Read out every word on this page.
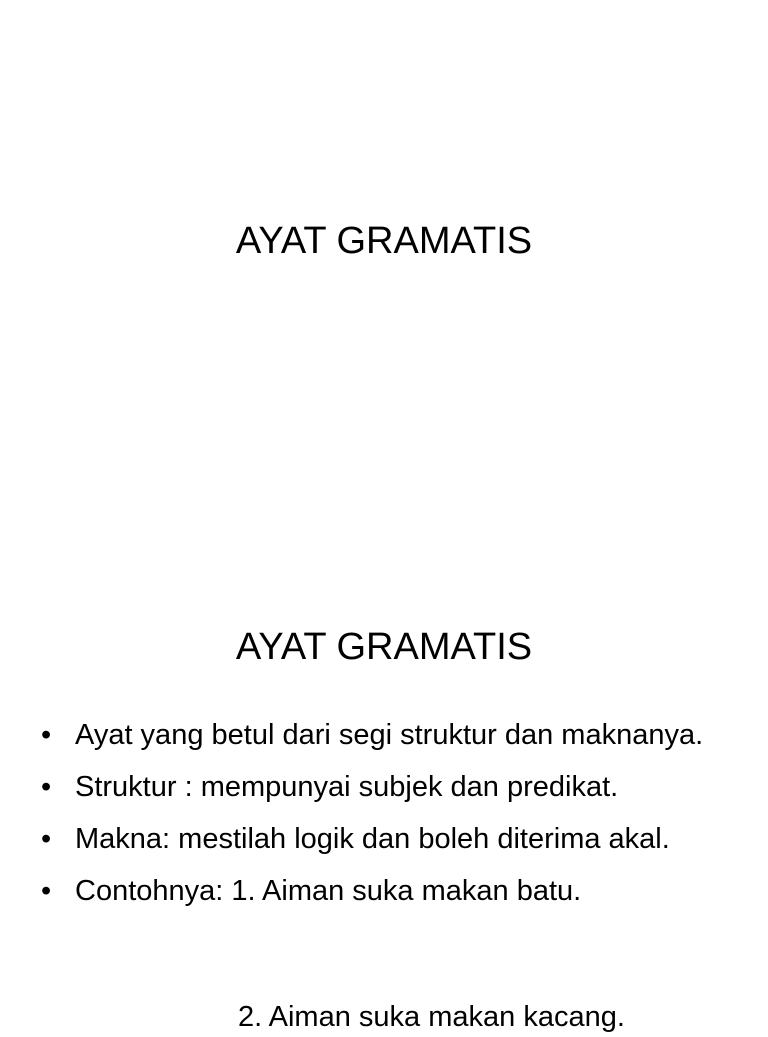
AYAT GRAMATIS
AYAT GRAMATIS
• Ayat yang betul dari segi struktur dan maknanya.
• Struktur : mempunyai subjek dan predikat.
• Makna: mestilah logik dan boleh diterima akal.
• Contohnya: 1. Aiman suka makan batu.
2. Aiman suka makan kacang.
